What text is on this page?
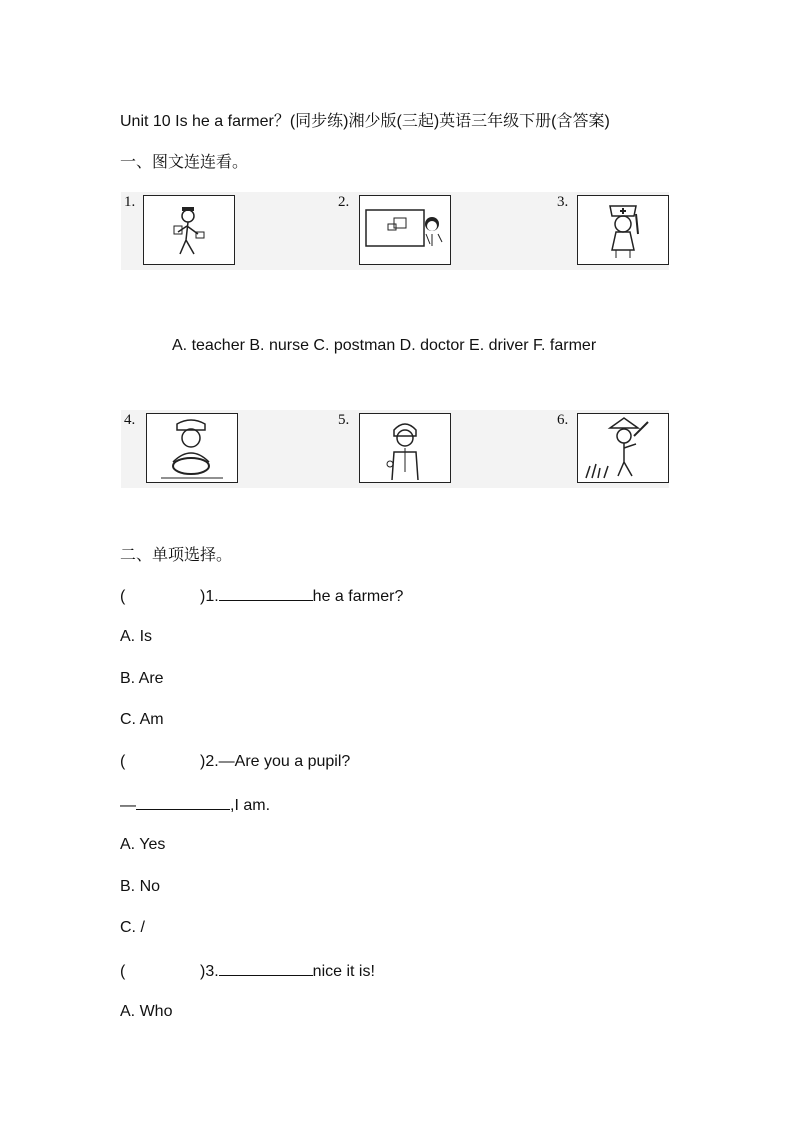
Unit 10 Is he a farmer？(同步练)湘少版(三起)英语三年级下册(含答案)
一、图文连连看。
1.	2.	3.
A. teacher B. nurse C. postman D. doctor E. driver F. farmer
4.	5.	6.
二、单项选择。
(	)1.	he a farmer?
A. Is
B. Are
C. Am
(	)2.—Are you a pupil?
—	,I am.
A. Yes
B. No
C. /
(	)3.	nice it is!
A. Who
